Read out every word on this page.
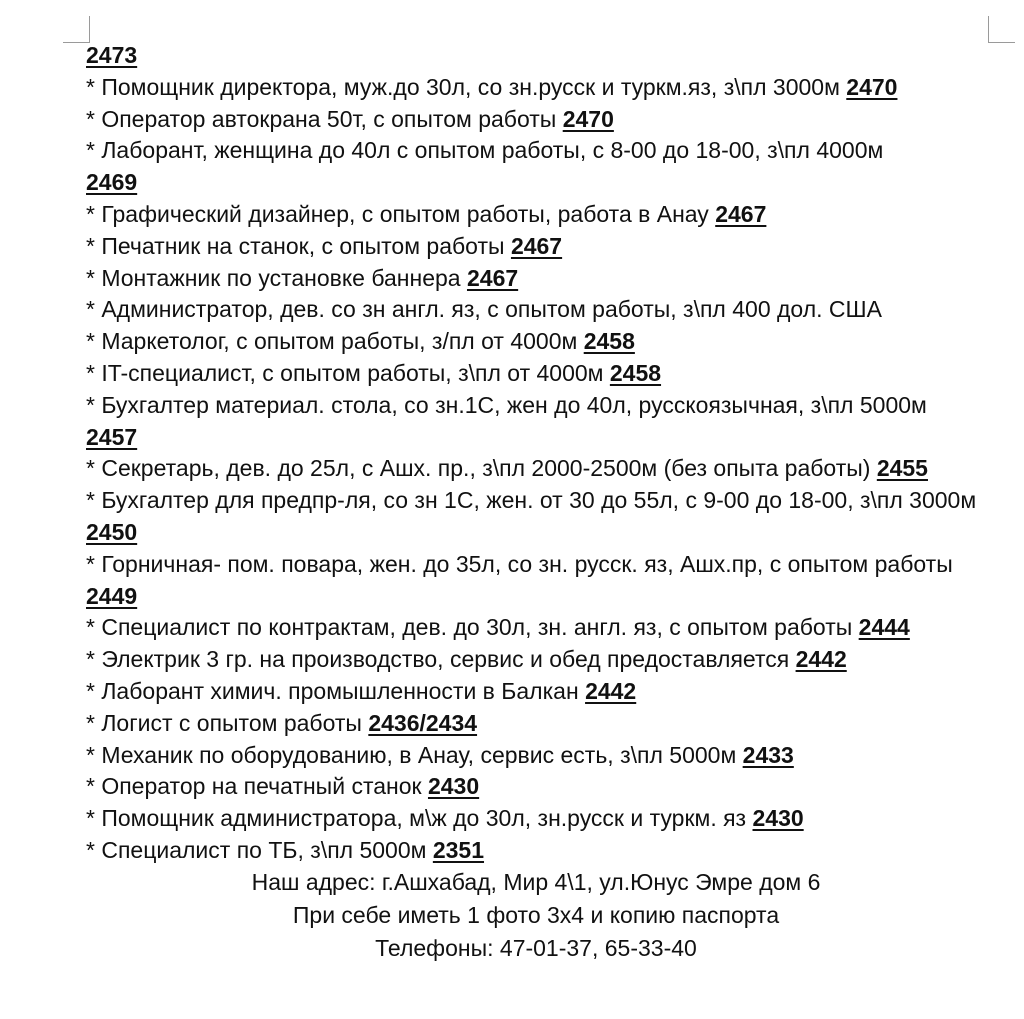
2473

* Помощник директора, муж.до 30л, со зн.русск и туркм.яз, з\пл 3000м 2470

* Оператор автокрана 50т, с опытом работы 2470

* Лаборант, женщина до 40л с опытом работы, с 8-00 до 18-00, з\пл 4000м
2469

* Графический дизайнер, с опытом работы, работа в Анау 2467

* Печатник на станок, с опытом работы 2467

* Монтажник по установке баннера 2467

* Администратор, дев. со зн англ. яз, с опытом работы, з\пл 400 дол. США

* Маркетолог, с опытом работы, з/пл от 4000м 2458

* IT-специалист, с опытом работы, з\пл от 4000м 2458

* Бухгалтер материал. стола, со зн.1С, жен до 40л, русскоязычная, з\пл 5000м
2457

* Секретарь, дев. до 25л, с Ашх. пр., з\пл 2000-2500м (без опыта работы) 2455

* Бухгалтер для предпр-ля, со зн 1С, жен. от 30 до 55л, с 9-00 до 18-00, з\пл 3000м 2450

* Горничная- пом. повара, жен. до 35л, со зн. русск. яз, Ашх.пр, с опытом работы 2449

* Специалист по контрактам, дев. до 30л, зн. англ. яз, с опытом работы 2444

* Электрик 3 гр. на производство, сервис и обед предоставляется 2442

* Лаборант химич. промышленности в Балкан 2442

* Логист с опытом работы 2436/2434

* Механик по оборудованию, в Анау, сервис есть, з\пл 5000м 2433

* Оператор на печатный станок 2430

* Помощник администратора, м\ж до 30л, зн.русск и туркм. яз 2430

* Специалист по ТБ, з\пл 5000м 2351

Наш адрес: г.Ашхабад, Мир 4\1, ул.Юнус Эмре дом 6

При себе иметь 1 фото 3х4 и копию паспорта

Телефоны: 47-01-37, 65-33-40
